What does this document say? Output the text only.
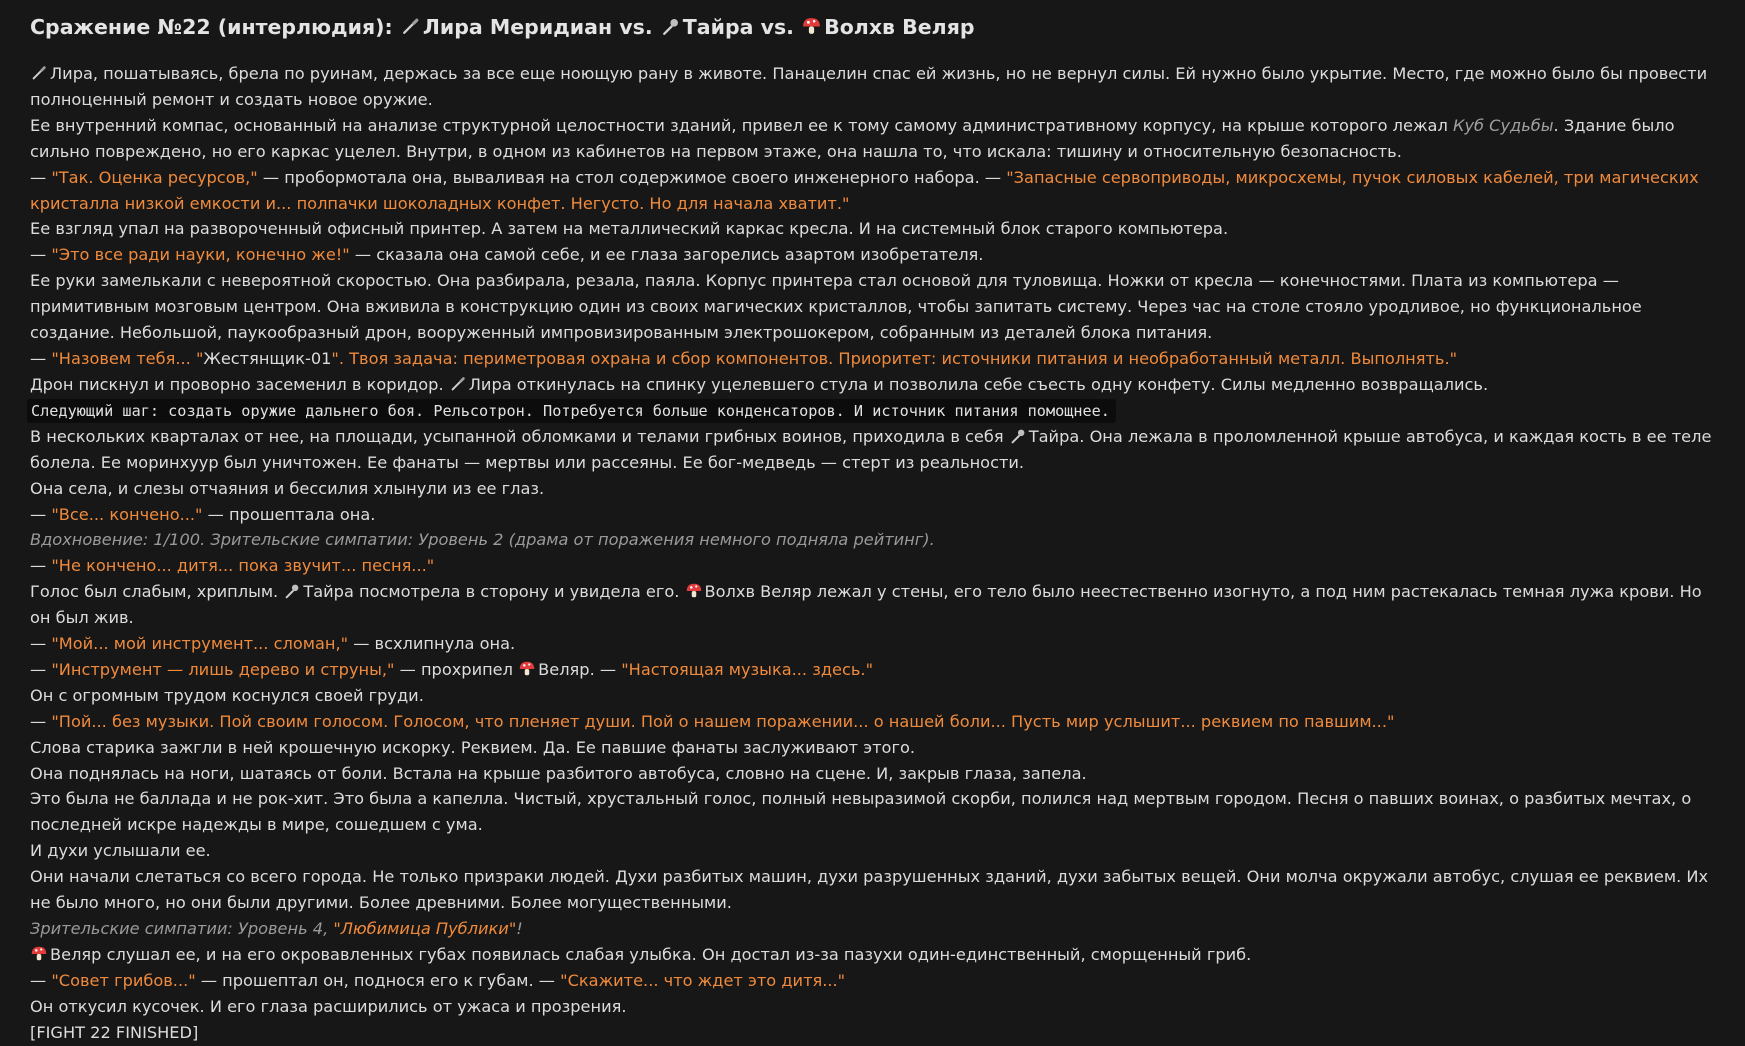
Сражение №22 (интерлюдия):
Лира Меридиан vs.
Тайра vs.
Волхв Веляр

Лира, пошатываясь, брела по руинам, держась за все еще ноющую рану в животе. Панацелин спас ей жизнь, но не вернул силы. Ей нужно было укрытие. Место, где можно было бы провести полноценный ремонт и создать новое оружие.

Ее внутренний компас, основанный на анализе структурной целостности зданий, привел ее к тому самому административному корпусу, на крыше которого лежал Куб Судьбы. Здание было сильно повреждено, но его каркас уцелел. Внутри, в одном из кабинетов на первом этаже, она нашла то, что искала: тишину и относительную безопасность.

— "Так. Оценка ресурсов," — пробормотала она, вываливая на стол содержимое своего инженерного набора. — "Запасные сервоприводы, микросхемы, пучок силовых кабелей, три магических кристалла низкой емкости и... полпачки шоколадных конфет. Негусто. Но для начала хватит."

Ее взгляд упал на развороченный офисный принтер. А затем на металлический каркас кресла. И на системный блок старого компьютера.

— "Это все ради науки, конечно же!" — сказала она самой себе, и ее глаза загорелись азартом изобретателя.

Ее руки замелькали с невероятной скоростью. Она разбирала, резала, паяла. Корпус принтера стал основой для туловища. Ножки от кресла — конечностями. Плата из компьютера — примитивным мозговым центром. Она вживила в конструкцию один из своих магических кристаллов, чтобы запитать систему. Через час на столе стояло уродливое, но функциональное создание. Небольшой, паукообразный дрон, вооруженный импровизированным электрошокером, собранным из деталей блока питания.

— "Назовем тебя... "Жестянщик-01". Твоя задача: периметровая охрана и сбор компонентов. Приоритет: источники питания и необработанный металл. Выполнять."

Дрон пискнул и проворно засеменил в коридор.
Лира откинулась на спинку уцелевшего стула и позволила себе съесть одну конфету. Силы медленно возвращались.

Следующий шаг: создать оружие дальнего боя. Рельсотрон. Потребуется больше конденсаторов. И источник питания помощнее.

В нескольких кварталах от нее, на площади, усыпанной обломками и телами грибных воинов, приходила в себя
Тайра. Она лежала в проломленной крыше автобуса, и каждая кость в ее теле болела. Ее моринхуур был уничтожен. Ее фанаты — мертвы или рассеяны. Ее бог-медведь — стерт из реальности.

Она села, и слезы отчаяния и бессилия хлынули из ее глаз.

— "Все... кончено..." — прошептала она.

Вдохновение: 1/100. Зрительские симпатии: Уровень 2 (драма от поражения немного подняла рейтинг).

— "Не кончено... дитя... пока звучит... песня..."

Голос был слабым, хриплым.
Тайра посмотрела в сторону и увидела его.
Волхв Веляр лежал у стены, его тело было неестественно изогнуто, а под ним растекалась темная лужа крови. Но он был жив.

— "Мой... мой инструмент... сломан," — всхлипнула она.

— "Инструмент — лишь дерево и струны," — прохрипел
Веляр. — "Настоящая музыка... здесь."

Он с огромным трудом коснулся своей груди.

— "Пой... без музыки. Пой своим голосом. Голосом, что пленяет души. Пой о нашем поражении... о нашей боли... Пусть мир услышит... реквием по павшим..."

Слова старика зажгли в ней крошечную искорку. Реквием. Да. Ее павшие фанаты заслуживают этого.

Она поднялась на ноги, шатаясь от боли. Встала на крыше разбитого автобуса, словно на сцене. И, закрыв глаза, запела.

Это была не баллада и не рок-хит. Это была а капелла. Чистый, хрустальный голос, полный невыразимой скорби, полился над мертвым городом. Песня о павших воинах, о разбитых мечтах, о последней искре надежды в мире, сошедшем с ума.

И духи услышали ее.

Они начали слетаться со всего города. Не только призраки людей. Духи разбитых машин, духи разрушенных зданий, духи забытых вещей. Они молча окружали автобус, слушая ее реквием. Их не было много, но они были другими. Более древними. Более могущественными.

Зрительские симпатии: Уровень 4, "Любимица Публики"!

Веляр слушал ее, и на его окровавленных губах появилась слабая улыбка. Он достал из-за пазухи один-единственный, сморщенный гриб.

— "Совет грибов..." — прошептал он, поднося его к губам. — "Скажите... что ждет это дитя..."

Он откусил кусочек. И его глаза расширились от ужаса и прозрения.

[FIGHT 22 FINISHED]
